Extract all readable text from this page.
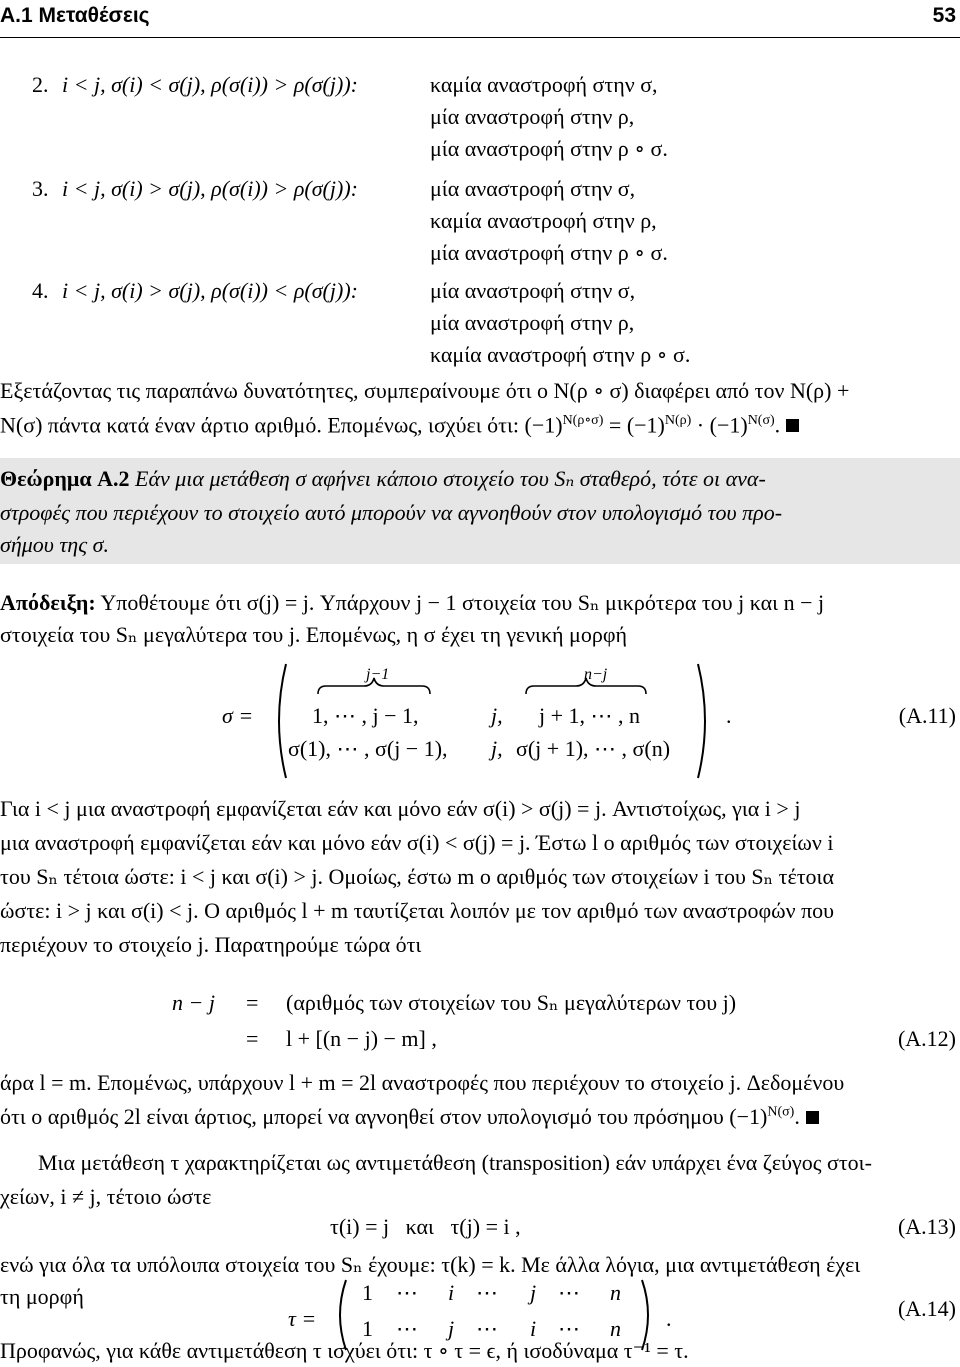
A.1 Μεταθέσεις	53
2. i < j, σ(i) < σ(j), ρ(σ(i)) > ρ(σ(j)):	καμία αναστροφή στην σ,
μία αναστροφή στην ρ,
μία αναστροφή στην ρ ∘ σ.
3. i < j, σ(i) > σ(j), ρ(σ(i)) > ρ(σ(j)):	μία αναστροφή στην σ,
καμία αναστροφή στην ρ,
μία αναστροφή στην ρ ∘ σ.
4. i < j, σ(i) > σ(j), ρ(σ(i)) < ρ(σ(j)):	μία αναστροφή στην σ,
μία αναστροφή στην ρ,
καμία αναστροφή στην ρ ∘ σ.
Εξετάζοντας τις παραπάνω δυνατότητες, συμπεραίνουμε ότι ο N(ρ ∘ σ) διαφέρει από τον N(ρ) +
N(σ) πάντα κατά έναν άρτιο αριθμό. Επομένως, ισχύει ότι: $(-1)^{N(\rho\circ\sigma)} = (-1)^{N(\rho)} \cdot (-1)^{N(\sigma)}$.
Θεώρημα A.2 Εάν μια μετάθεση σ αφήνει κάποιο στοιχείο του Sₙ σταθερό, τότε οι ανα-
στροφές που περιέχουν το στοιχείο αυτό μπορούν να αγνοηθούν στον υπολογισμό του προ-
σήμου της σ.
Απόδειξη: Υποθέτουμε ότι σ(j) = j. Υπάρχουν j − 1 στοιχεία του Sₙ μικρότερα του j και n − j
στοιχεία του Sₙ μεγαλύτερα του j. Επομένως, η σ έχει τη γενική μορφή
σ =
j−1	n−j
1, ⋯ , j − 1,	j, j + 1, ⋯ , n
σ(1), ⋯ , σ(j − 1), j, σ(j + 1), ⋯ , σ(n)
.	(A.11)
Για i < j μια αναστροφή εμφανίζεται εάν και μόνο εάν σ(i) > σ(j) = j. Αντιστοίχως, για i > j
μια αναστροφή εμφανίζεται εάν και μόνο εάν σ(i) < σ(j) = j. Έστω l ο αριθμός των στοιχείων i
του Sₙ τέτοια ώστε: i < j και σ(i) > j. Ομοίως, έστω m ο αριθμός των στοιχείων i του Sₙ τέτοια
ώστε: i > j και σ(i) < j. Ο αριθμός l + m ταυτίζεται λοιπόν με τον αριθμό των αναστροφών που
περιέχουν το στοιχείο j. Παρατηρούμε τώρα ότι
n − j = (αριθμός των στοιχείων του Sₙ μεγαλύτερων του j)
= l + [(n − j) − m] ,	(A.12)
άρα l = m. Επομένως, υπάρχουν l + m = 2l αναστροφές που περιέχουν το στοιχείο j. Δεδομένου
ότι ο αριθμός 2l είναι άρτιος, μπορεί να αγνοηθεί στον υπολογισμό του πρόσημου $(-1)^{N(\sigma)}$.
Μια μετάθεση τ χαρακτηρίζεται ως αντιμετάθεση (transposition) εάν υπάρχει ένα ζεύγος στοι-
χείων, i ≠ j, τέτοιο ώστε
τ(i) = j   και   τ(j) = i ,	(A.13)
ενώ για όλα τα υπόλοιπα στοιχεία του Sₙ έχουμε: τ(k) = k. Με άλλα λόγια, μια αντιμετάθεση έχει
τη μορφή
τ =
1 ⋯ i ⋯ j ⋯ n
1 ⋯ j ⋯ i ⋯ n .	(A.14)
Προφανώς, για κάθε αντιμετάθεση τ ισχύει ότι: τ ∘ τ = ϵ, ή ισοδύναμα τ⁻¹ = τ.
